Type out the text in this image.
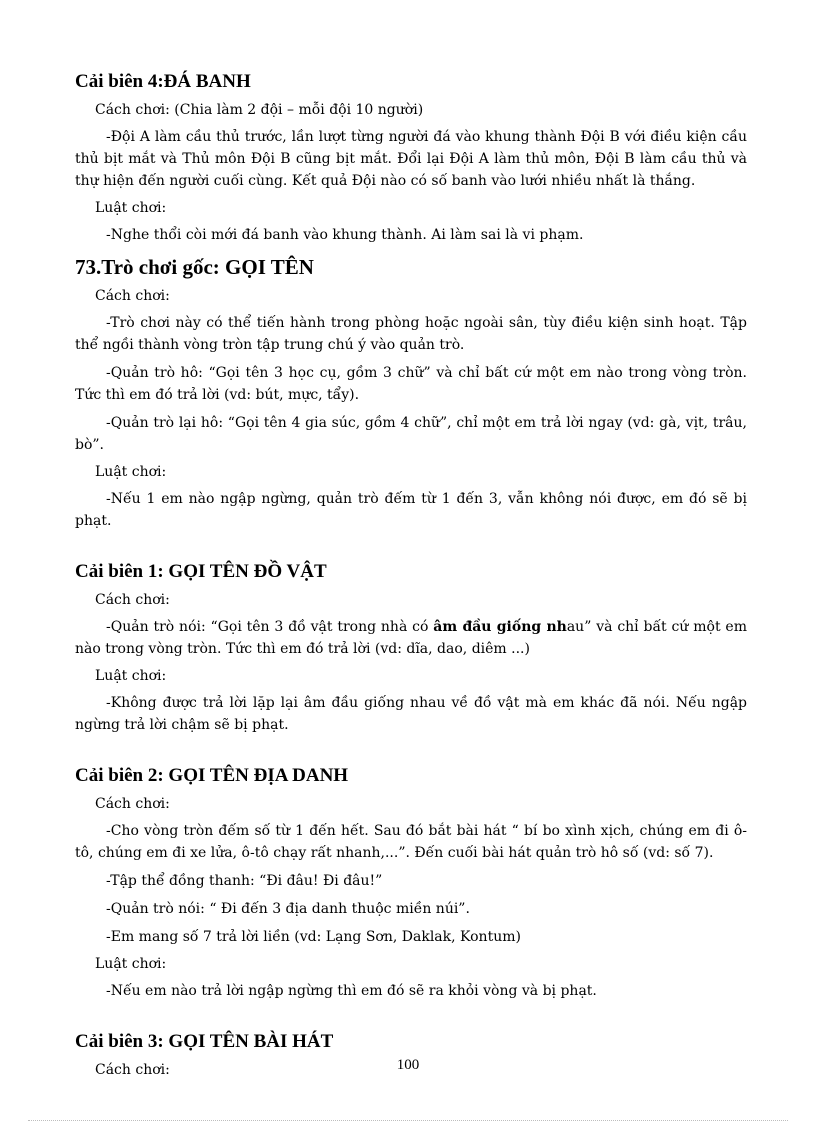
Cải biên 4:ĐÁ BANH

Cách chơi: (Chia làm 2 đội – mỗi đội 10 người)

-Đội A làm cầu thủ trước, lần lượt từng người đá vào khung thành Đội B với điều kiện cầu thủ bịt mắt và Thủ môn Đội B cũng bịt mắt. Đổi lại Đội A làm thủ môn, Đội B làm cầu thủ và thự hiện đến người cuối cùng. Kết quả Đội nào có số banh vào lưới nhiều nhất là thắng.

Luật chơi:

-Nghe thổi còi mới đá banh vào khung thành. Ai làm sai là vi phạm.

73.Trò chơi gốc: GỌI TÊN

Cách chơi:

-Trò chơi này có thể tiến hành trong phòng hoặc ngoài sân, tùy điều kiện sinh hoạt. Tập thể ngồi thành vòng tròn tập trung chú ý vào quản trò.

-Quản trò hô: “Gọi tên 3 học cụ, gồm 3 chữ” và chỉ bất cứ một em nào trong vòng tròn. Tức thì em đó trả lời (vd: bút, mực, tẩy).

-Quản trò lại hô: “Gọi tên 4 gia súc, gồm 4 chữ”, chỉ một em trả lời ngay (vd: gà, vịt, trâu, bò”.

Luật chơi:

-Nếu 1 em nào ngập ngừng, quản trò đếm từ 1 đến 3, vẫn không nói được, em đó sẽ bị phạt.

Cải biên 1: GỌI TÊN ĐỒ VẬT

Cách chơi:

-Quản trò nói: “Gọi tên 3 đồ vật trong nhà có âm đầu giống nhau” và chỉ bất cứ một em nào trong vòng tròn. Tức thì em đó trả lời (vd: dĩa, dao, diêm ...)

Luật chơi:

-Không được trả lời lặp lại âm đầu giống nhau về đồ vật mà em khác đã nói. Nếu ngập ngừng trả lời chậm sẽ bị phạt.

Cải biên 2: GỌI TÊN ĐỊA DANH

Cách chơi:

-Cho vòng tròn đếm số từ 1 đến hết. Sau đó bắt bài hát “ bí bo xình xịch, chúng em đi ô-tô, chúng em đi xe lửa, ô-tô chạy rất nhanh,...”. Đến cuối bài hát quản trò hô số (vd: số 7).

-Tập thể đồng thanh: “Đi đâu! Đi đâu!”

-Quản trò nói: “ Đi đến 3 địa danh thuộc miền núi”.

-Em mang số 7 trả lời liền (vd: Lạng Sơn, Daklak, Kontum)

Luật chơi:

-Nếu em nào trả lời ngập ngừng thì em đó sẽ ra khỏi vòng và bị phạt.

Cải biên 3: GỌI TÊN BÀI HÁT

Cách chơi:	100
